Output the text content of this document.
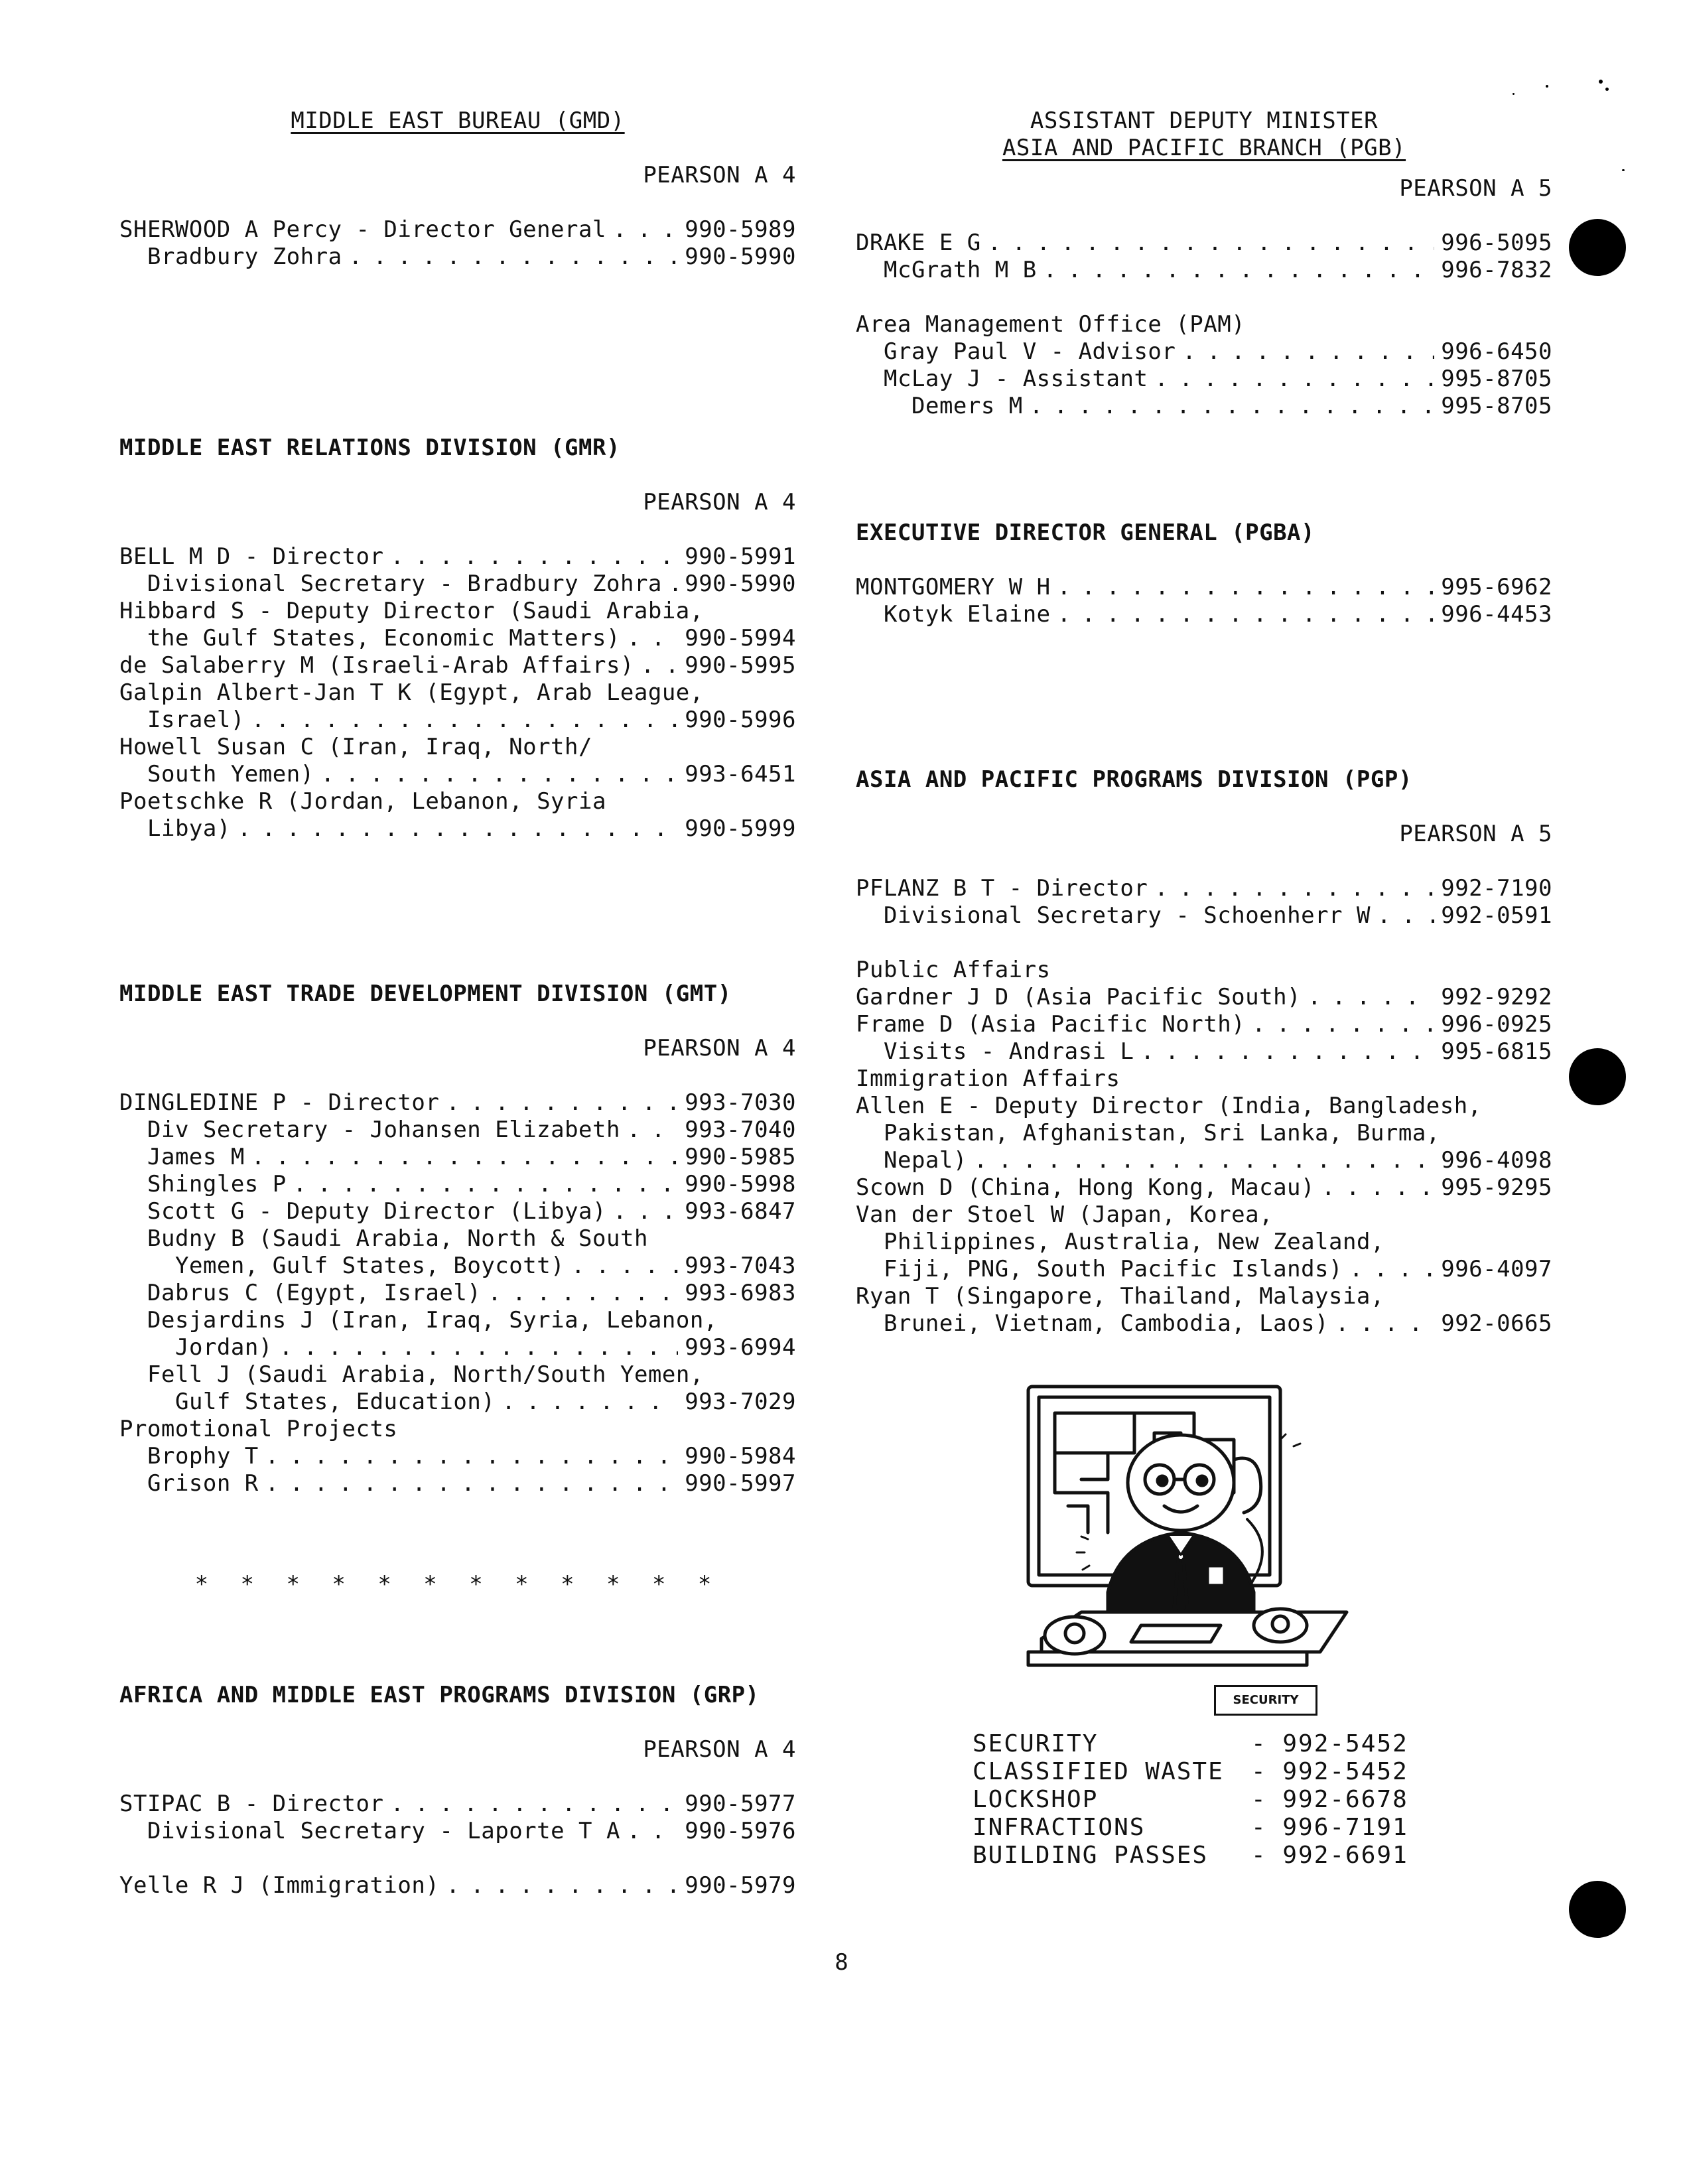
MIDDLE EAST BUREAU (GMD)
PEARSON A 4
SHERWOOD A Percy - Director General . . .	990-5989
Bradbury Zohra . . .	990-5990
MIDDLE EAST RELATIONS DIVISION (GMR)
PEARSON A 4
BELL M D - Director . . .	990-5991
Divisional Secretary - Bradbury Zohra . . . 990-5990
Hibbard S - Deputy Director (Saudi Arabia,
the Gulf States, Economic Matters) . . .	990-5994
de Salaberry M (Israeli-Arab Affairs) . . . 990-5995
Galpin Albert-Jan T K (Egypt, Arab League,
Israel) . . .	990-5996
Howell Susan C (Iran, Iraq, North/
South Yemen) . . .	993-6451
Poetschke R (Jordan, Lebanon, Syria
Libya) . . .	990-5999
MIDDLE EAST TRADE DEVELOPMENT DIVISION (GMT)
PEARSON A 4
DINGLEDINE P - Director . . .	993-7030
Div Secretary - Johansen Elizabeth . . .	993-7040
James M . . .	990-5985
Shingles P . . .	990-5998
Scott G - Deputy Director (Libya) . . .	993-6847
Budny B (Saudi Arabia, North & South
Yemen, Gulf States, Boycott) . . .	993-7043
Dabrus C (Egypt, Israel) . . .	993-6983
Desjardins J (Iran, Iraq, Syria, Lebanon,
Jordan) . . .	993-6994
Fell J (Saudi Arabia, North/South Yemen,
Gulf States, Education) . . .	993-7029
Promotional Projects
Brophy T . . .	990-5984
Grison R . . .	990-5997
* * * * * * * * * * * *
AFRICA AND MIDDLE EAST PROGRAMS DIVISION (GRP)
PEARSON A 4
STIPAC B - Director . . .	990-5977
Divisional Secretary - Laporte T A . . .	990-5976
Yelle R J (Immigration) . . .	990-5979
ASSISTANT DEPUTY MINISTER
ASIA AND PACIFIC BRANCH (PGB)
PEARSON A 5
DRAKE E G . . .	996-5095
McGrath M B . . .	996-7832
Area Management Office (PAM)
Gray Paul V - Advisor . . .	996-6450
McLay J - Assistant . . .	995-8705
Demers M . . .	995-8705
EXECUTIVE DIRECTOR GENERAL (PGBA)
MONTGOMERY W H . . .	995-6962
Kotyk Elaine . . .	996-4453
ASIA AND PACIFIC PROGRAMS DIVISION (PGP)
PEARSON A 5
PFLANZ B T - Director . . .	992-7190
Divisional Secretary - Schoenherr W . . .	992-0591
Public Affairs
Gardner J D (Asia Pacific South) . . .	992-9292
Frame D (Asia Pacific North) . . .	996-0925
Visits - Andrasi L . . .	995-6815
Immigration Affairs
Allen E - Deputy Director (India, Bangladesh,
Pakistan, Afghanistan, Sri Lanka, Burma,
Nepal) . . .	996-4098
Scown D (China, Hong Kong, Macau) . . .	995-9295
Van der Stoel W (Japan, Korea,
Philippines, Australia, New Zealand,
Fiji, PNG, South Pacific Islands) . . .	996-4097
Ryan T (Singapore, Thailand, Malaysia,
Brunei, Vietnam, Cambodia, Laos) . . .	992-0665
SECURITY
SECURITY	- 992-5452
CLASSIFIED WASTE	- 992-5452
LOCKSHOP	- 992-6678
INFRACTIONS	- 996-7191
BUILDING PASSES	- 992-6691
8
